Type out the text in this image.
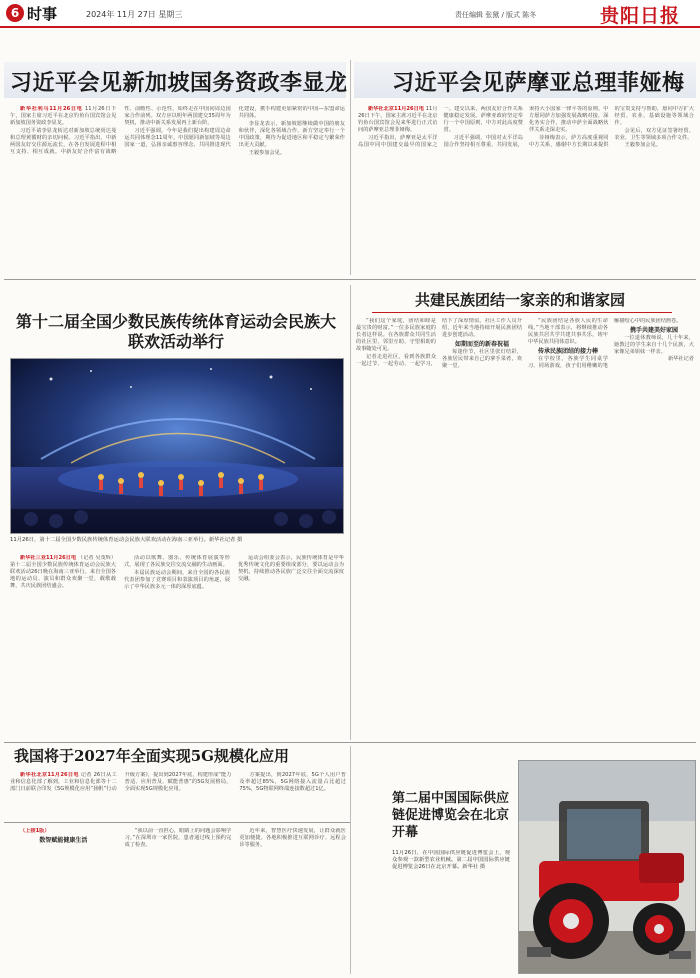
6 时事	2024年 11月 27日 星期三	责任编辑 张黛 / 版式 陈冬	贵阳日报
习近平会见新加坡国务资政李显龙

新华社利马11月26日电 11月26日下午，国家主席习近平在北京钓鱼台国宾馆会见新加坡国务资政李显龙。

习近平请李显龙转达对新加坡总统尚达曼和总理黄循财的亲切问候。习近平指出，中新两国友好交往源远流长，在各自发展进程中相互支持、相互成就。中新友好合作富有战略性、前瞻性、示范性，始终走在中国同周边国家合作前列。双方应以明年两国建交35周年为契机，推动中新关系发展再上新台阶。

习近平强调，今年是我们提出构建周边命运共同体理念11周年。中国愿同新加坡等周边国家一道，弘扬亲诚惠容理念，共同推进现代化建设，携手构建更加紧密的中国—东盟命运共同体。

李显龙表示，新加坡愿继续做中国的朋友和伙伴，深化各领域合作。新方坚定奉行一个中国政策，期待为促进地区和平稳定与繁荣作出更大贡献。

王毅参加会见。

习近平会见萨摩亚总理菲娅梅

新华社北京11月26日电 11月26日下午，国家主席习近平在北京钓鱼台国宾馆会见来华进行正式访问的萨摩亚总理菲娅梅。

习近平指出，萨摩亚是太平洋岛国中同中国建交最早的国家之一。建交以来，两国友好合作关系健康稳定发展。萨摩亚政府坚定奉行一个中国原则，中方对此高度赞赏。

习近平强调，中国对太平洋岛国合作坚持相互尊重、共同发展，秉持大小国家一律平等的原则。中方愿同萨方加强发展战略对接，深化务实合作，推动中萨全面战略伙伴关系走深走实。

菲娅梅表示，萨方高度重视同中方关系，感谢中方长期以来提供的宝贵支持与帮助，愿同中方扩大经贸、农业、基础设施等领域合作。

会见后，双方见证签署经贸、农业、卫生等领域多项合作文件。

王毅参加会见。

第十二届全国少数民族传统体育运动会民族大联欢活动举行
11月26日，第十二届全国少数民族传统体育运动会民族大联欢活动在海南三亚举行。新华社记者 摄

新华社三亚11月26日电 （记者 吴茂辉）第十二届全国少数民族传统体育运动会民族大联欢活动26日晚在海南三亚举行。来自全国各地的运动员、演员和群众欢聚一堂，载歌载舞，共庆民族团结盛会。

活动以歌舞、器乐、传统体育展演等形式，展现了各民族交往交流交融的生动画面。

本届民族运动会期间，来自全国的各民族代表团参加了竞赛项目和表演项目的角逐，展示了中华民族多元一体的深厚底蕴。

运动会组委会表示，民族传统体育是中华优秀传统文化的重要组成部分，要以运动会为契机，持续推动各民族广泛交往全面交流深度交融。

共建民族团结一家亲的和谐家园

“我们这个家庭，团结和睦是最宝贵的财富。”一位多民族家庭的长者这样说。在各族群众共同生活的社区里，邻里互助、守望相助的故事随处可见。

记者走进社区，看到各族群众一起过节、一起劳动、一起学习，结下了深厚情谊。社区工作人员介绍，近年来当地持续开展民族团结进步创建活动。

如期而至的新春祝福

每逢佳节，社区里张灯结彩，各族居民带来自己的拿手菜肴，欢聚一堂。

“民族团结是各族人民的生命线。”当地干部表示，将继续推动各民族共居共学共建共事共乐，铸牢中华民族共同体意识。

传承民族团结的接力棒

在学校里，各族学生同桌学习、同场游戏，孩子们用稚嫩的笔触描绘心中的民族团结画卷。

携手共建美好家园

一位退休教师说，几十年来，她教过的学生来自十几个民族，大家像兄弟姐妹一样亲。

新华社记者

我国将于2027年全面实现5G规模化应用

新华社北京11月26日电 记者 26日从工业和信息化部了解到，工业和信息化部等十二部门日前联合印发《5G规模化应用“扬帆”行动升级方案》，提出到2027年底，构建形成“能力普适、应用普及、赋能普惠”的5G发展格局，全面实现5G规模化应用。

方案提出，到2027年底，5G个人用户普及率超过85%，5G网络接入流量占比超过75%，5G物联网终端连接数超过1亿。

（上接1版）

数智赋能健康生活

“我以前一直担心，眼睛上的问题会影响学习。”在深圳市一家医院，患者通过线上预约完成了检查。

近年来，智慧医疗快速发展，让群众就医更加便捷。各地积极推进互联网诊疗、远程会诊等服务。

第二届中国国际供应链促进博览会在北京开幕
11月26日，在中国国际供应链促进博览会上，观众参观一款新型农业机械。第二届中国国际供应链促进博览会26日在北京开幕。新华社 摄
